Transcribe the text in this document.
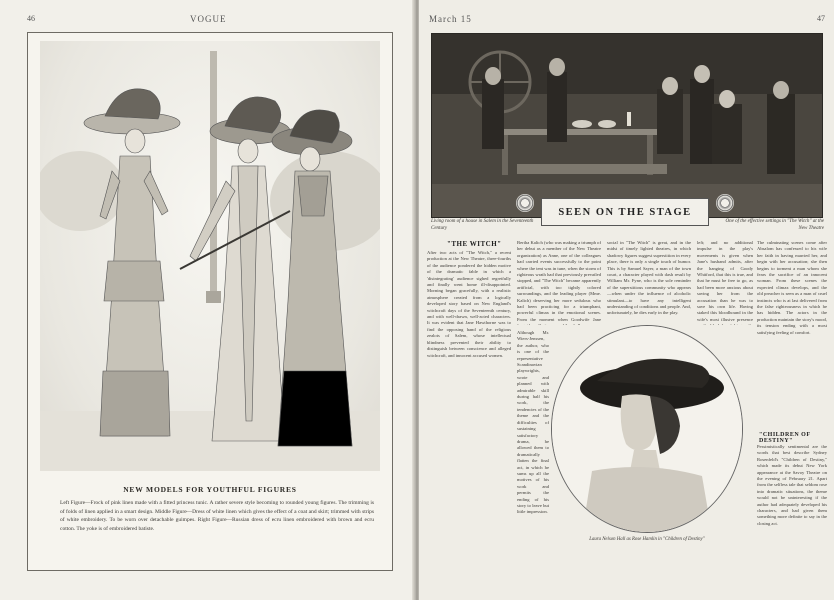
46	VOGUE
NEW MODELS FOR YOUTHFUL FIGURES
Left Figure—Frock of pink linen made with a fitted princess tunic. A rather severe style becoming to rounded young figures. The trimming is of folds of linen applied in a smart design. Middle Figure—Dress of white linen which gives the effect of a coat and skirt; trimmed with strips of white embroidery. To be worn over detachable guimpes. Right Figure—Russian dress of ecru linen embroidered with brown and ecru cotton. The yoke is of embroidered batiste.
March 15	47
SEEN ON THE STAGE
Living room of a house in Salem in the Seventeenth Century
One of the effective settings in "The Witch" at the New Theatre
"THE WITCH"
After two acts of "The Witch," a recent production at the New Theatre, three-fourths of the audience pondered the hidden motive of the dramatic fable in which a 'disintegrating' audience sighed regretfully and finally went home ill-disappointed. Morning began gracefully, with a realistic atmosphere created from a logically developed story based on New England's witchcraft days of the Seventeenth century, and with well-drawn, well-acted characters. It was evident that Jane Hawthorne was to find the opposing hand of the religious zealots of Salem, whose intellectual blindness prevented their ability to distinguish between conscience and alleged witchcraft, and innocent accused women.
Bertha Kalich (who was making a triumph of her debut as a member of the New Theatre organization) as Anne, one of the colleagues had carried events successfully to the point where the tent was in tune, when the storm of righteous wrath had that previously prevailed stopped, and "The Witch" became apparently artificial, with too tightly colored surroundings, and the leading player (Mme. Kalich) deserving her more sedulous who had been practicing for a triumphant, powerful climax in the emotional scenes. From the moment when Goodwife Jane
social in "The Witch" is great, and in the midst of timely lighted theatres, in which shadowy figures suggest superstition in every place, there is only a single touch of humor. This is by Samuel Sayer, a man of the town court, a character played with dash result by William Mr. Fyne, who is the sole reminder of the superstitious community who appears—when under the influence of alcoholic stimulant—to have any intelligent understanding of conditions and people. And, unfortunately, he dies early in the play.
left; and no additional impulse in the play's movements is given when Jane's husband admits, after the hanging of Goody Whitford, that this is true, and that he must be free to go, as had been more anxious about saving her from the accusation than he was to save his own life. Having staked this bloodhound in the wife's most illusive presence
The culminating scenes come after Absalom has confessed to his wife her faith in having married her, and begin with her accusation; she then begins to torment a man whom she fears the sacrifice of an innocent woman. From these scenes the expected climax develops, and the old preacher is seen as a man of cruel instincts who is at last delivered from the false righteousness in which he has hidden. The actors in the production maintain the story's mood, its tension ending with a most satisfying feeling of comfort.
Although Mr. Wiers-Jenssen, the author, who is one of the representative Scandinavian playwrights, wrote and planned with admirable skill during half his work, the tendencies of the theme and the difficulties of sustaining satisfactory drama, he allowed them to dramatically flatten the final act, in which he sums up all the motives of his work and permits the ending of his story to leave but little impression.
"CHILDREN OF DESTINY"
Pessimistically sentimental are the words that best describe Sydney Rosenfeld's "Children of Destiny," which made its debut New York appearance at the Savoy Theatre on the evening of February 21. Apart from the selfless tale that seldom rose into dramatic situations, the theme would not be uninteresting if the author had adequately developed his characters, and had given them something more definite to say in the closing act.
Laura Nelson Hall as Rose Hamlin in "Children of Destiny"
